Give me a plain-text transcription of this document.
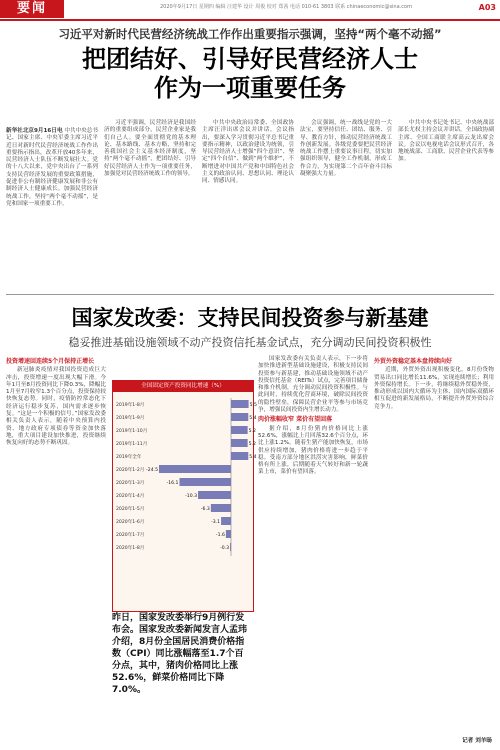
要闻	2020年9月17日 星期四 编辑 汪建华 设计 周俊 校对 郑茜 电话 010-61 3803 联系 chinaeconomic@sina.com	A03
习近平对新时代民营经济统战工作作出重要指示强调，坚持“两个毫不动摇”
把团结好、引导好民营经济人士
作为一项重要任务
新华社北京9月16日电 中共中央总书记、国家主席、中央军委主席习近平近日对新时代民营经济统战工作作出重要指示指出，改革开放40多年来，民营经济人士队伍不断发展壮大。党的十八大以来，党中央出台了一系列支持民营经济发展的重要政策措施，促进非公有制经济健康发展和非公有制经济人士健康成长。加强民营经济统战工作，坚持“两个毫不动摇”，是党和国家一项重要工作。

习近平强调，民营经济是我国经济的重要组成部分，民营企业家是我们自己人。要全面贯彻党的基本理论、基本路线、基本方略，坚持和完善我国社会主义基本经济制度，坚持“两个毫不动摇”，把团结好、引导好民营经济人士作为一项重要任务，加强党对民营经济统战工作的领导。

中共中央政治局常委、全国政协主席汪洋出席会议并讲话。会议指出，要深入学习贯彻习近平总书记重要指示精神，以政治建设为统领，引导民营经济人士增强“四个意识”、坚定“四个自信”、做到“两个维护”，不断增进对中国共产党和中国特色社会主义的政治认同、思想认同、理论认同、情感认同。

会议强调，统一战线是党的一大法宝，要坚持信任、团结、服务、引导、教育方针，推动民营经济统战工作创新发展。各级党委要把民营经济统战工作摆上重要议事日程，切实加强组织领导，健全工作机制，形成工作合力，为实现第二个百年奋斗目标凝聚强大力量。

中共中央书记处书记、中央统战部部长尤权主持会议并讲话。全国政协副主席、全国工商联主席高云龙出席会议。会议以电视电话会议形式召开，各地统战部、工商联、民营企业代表等参加。

国家发改委：支持民间投资参与新基建
稳妥推进基础设施领域不动产投资信托基金试点，充分调动民间投资积极性
投资增速回连续5个月保持正增长

新冠肺炎疫情对我国投资造成巨大冲击，投资增速一度出现大幅下滑。今年1月至8月投资同比下降0.3%，降幅比1月至7月收窄1.3个百分点，投资保持较快恢复态势。同时，疫情防控常态化下经济运行稳步复苏，国内需求逐步恢复。“这是一个积极的信号。”国家发改委相关负责人表示，随着中央预算内投资、地方政府专项债券等资金加快落地，重大项目建设加快推进，投资继续恢复向好的态势不断巩固。

全国固定资产投资同比增速（%）
2019年1-8月	5.5
2019年1-9月	5.4
2019年1-10月	5.2
2019年1-11月	5.2
2019年全年	5.4
2020年1-2月 -24.5
2020年1-3月	-16.1
2020年1-4月	-10.3
2020年1-5月	-6.3
2020年1-6月	-3.1
2020年1-7月	-1.6
2020年1-8月	-0.3
昨日，国家发改委举行9月例行发布会。国家发改委新闻发言人孟玮介绍，8月份全国居民消费价格指数（CPI）同比涨幅落至1.7个百分点，其中，猪肉价格同比上涨52.6%，鲜菜价格同比下降7.0%。

国家发改委有关负责人表示，下一步将加快推进新型基础设施建设，积极支持民间投资参与新基建，推动基础设施领域不动产投资信托基金（REITs）试点，完善项目储备和推介机制，充分调动民间投资积极性。与此同时，持续优化营商环境，破除民间投资的隐性壁垒，保障民营企业平等参与市场竞争，增强民间投资内生增长动力。

肉价涨幅收窄 菜价有望回落

据介绍，8月份猪肉价格同比上涨52.6%，涨幅比上月回落32.6个百分点，环比上涨1.2%。随着生猪产能加快恢复，市场供应持续增加，猪肉价格将进一步趋于平稳。受南方部分地区洪涝灾害影响，鲜菜价格有所上涨，后期随着天气转好和新一轮蔬菜上市，菜价有望回落。

外贸外资稳定基本盘持续向好

近期，外贸外资出现积极变化。8月份货物贸易出口同比增长11.6%，实现连续增长；利用外资保持增长。下一步，将继续稳外贸稳外资，推动形成以国内大循环为主体、国内国际双循环相互促进的新发展格局，不断提升外贸外资综合竞争力。

记者 刘羊旸
